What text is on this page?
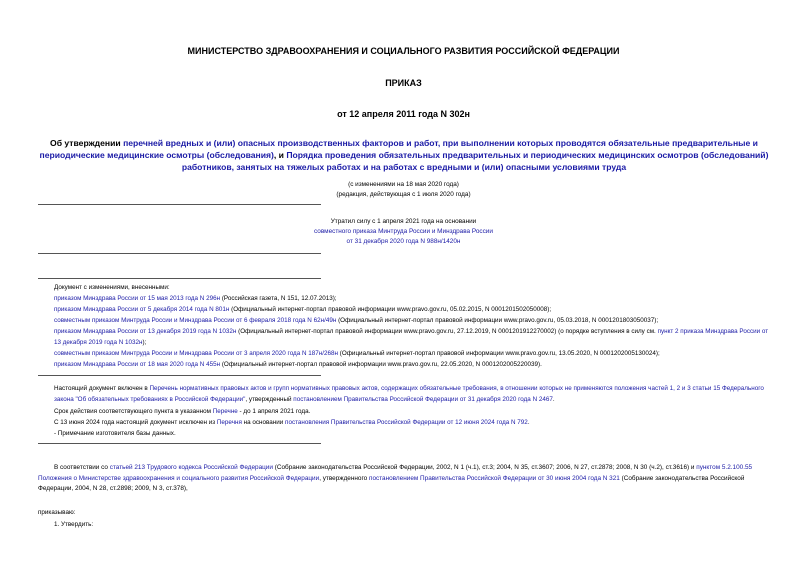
МИНИСТЕРСТВО ЗДРАВООХРАНЕНИЯ И СОЦИАЛЬНОГО РАЗВИТИЯ РОССИЙСКОЙ ФЕДЕРАЦИИ
ПРИКАЗ
от 12 апреля 2011 года N 302н
Об утверждении перечней вредных и (или) опасных производственных факторов и работ, при выполнении которых проводятся обязательные предварительные и периодические медицинские осмотры (обследования), и Порядка проведения обязательных предварительных и периодических медицинских осмотров (обследований) работников, занятых на тяжелых работах и на работах с вредными и (или) опасными условиями труда
(с изменениями на 18 мая 2020 года)
(редакция, действующая с 1 июля 2020 года)
Утратил силу с 1 апреля 2021 года на основании
совместного приказа Минтруда России и Минздрава России
от 31 декабря 2020 года N 988н/1420н
Документ с изменениями, внесенными:
приказом Минздрава России от 15 мая 2013 года N 296н (Российская газета, N 151, 12.07.2013);
приказом Минздрава России от 5 декабря 2014 года N 801н (Официальный интернет-портал правовой информации www.pravo.gov.ru, 05.02.2015, N 0001201502050008);
совместным приказом Минтруда России и Минздрава России от 6 февраля 2018 года N 62н/49н (Официальный интернет-портал правовой информации www.pravo.gov.ru, 05.03.2018, N 0001201803050037);
приказом Минздрава России от 13 декабря 2019 года N 1032н (Официальный интернет-портал правовой информации www.pravo.gov.ru, 27.12.2019, N 0001201912270002) (о порядке вступления в силу см. пункт 2 приказа Минздрава России от 13 декабря 2019 года N 1032н);
совместным приказом Минтруда России и Минздрава России от 3 апреля 2020 года N 187н/268н (Официальный интернет-портал правовой информации www.pravo.gov.ru, 13.05.2020, N 0001202005130024);
приказом Минздрава России от 18 мая 2020 года N 455н (Официальный интернет-портал правовой информации www.pravo.gov.ru, 22.05.2020, N 0001202005220039).
Настоящий документ включен в Перечень нормативных правовых актов и групп нормативных правовых актов, содержащих обязательные требования, в отношении которых не применяются положения частей 1, 2 и 3 статьи 15 Федерального закона "Об обязательных требованиях в Российской Федерации", утвержденный постановлением Правительства Российской Федерации от 31 декабря 2020 года N 2467.
Срок действия соответствующего пункта в указанном Перечне - до 1 апреля 2021 года.
С 13 июня 2024 года настоящий документ исключен из Перечня на основании постановления Правительства Российской Федерации от 12 июня 2024 года N 792.
- Примечание изготовителя базы данных.

В соответствии со статьей 213 Трудового кодекса Российской Федерации (Собрание законодательства Российской Федерации, 2002, N 1 (ч.1), ст.3; 2004, N 35, ст.3607; 2006, N 27, ст.2878; 2008, N 30 (ч.2), ст.3616) и пунктом 5.2.100.55 Положения о Министерстве здравоохранения и социального развития Российской Федерации, утвержденного постановлением Правительства Российской Федерации от 30 июня 2004 года N 321 (Собрание законодательства Российской Федерации, 2004, N 28, ст.2898; 2009, N 3, ст.378),

приказываю:
1. Утвердить:
